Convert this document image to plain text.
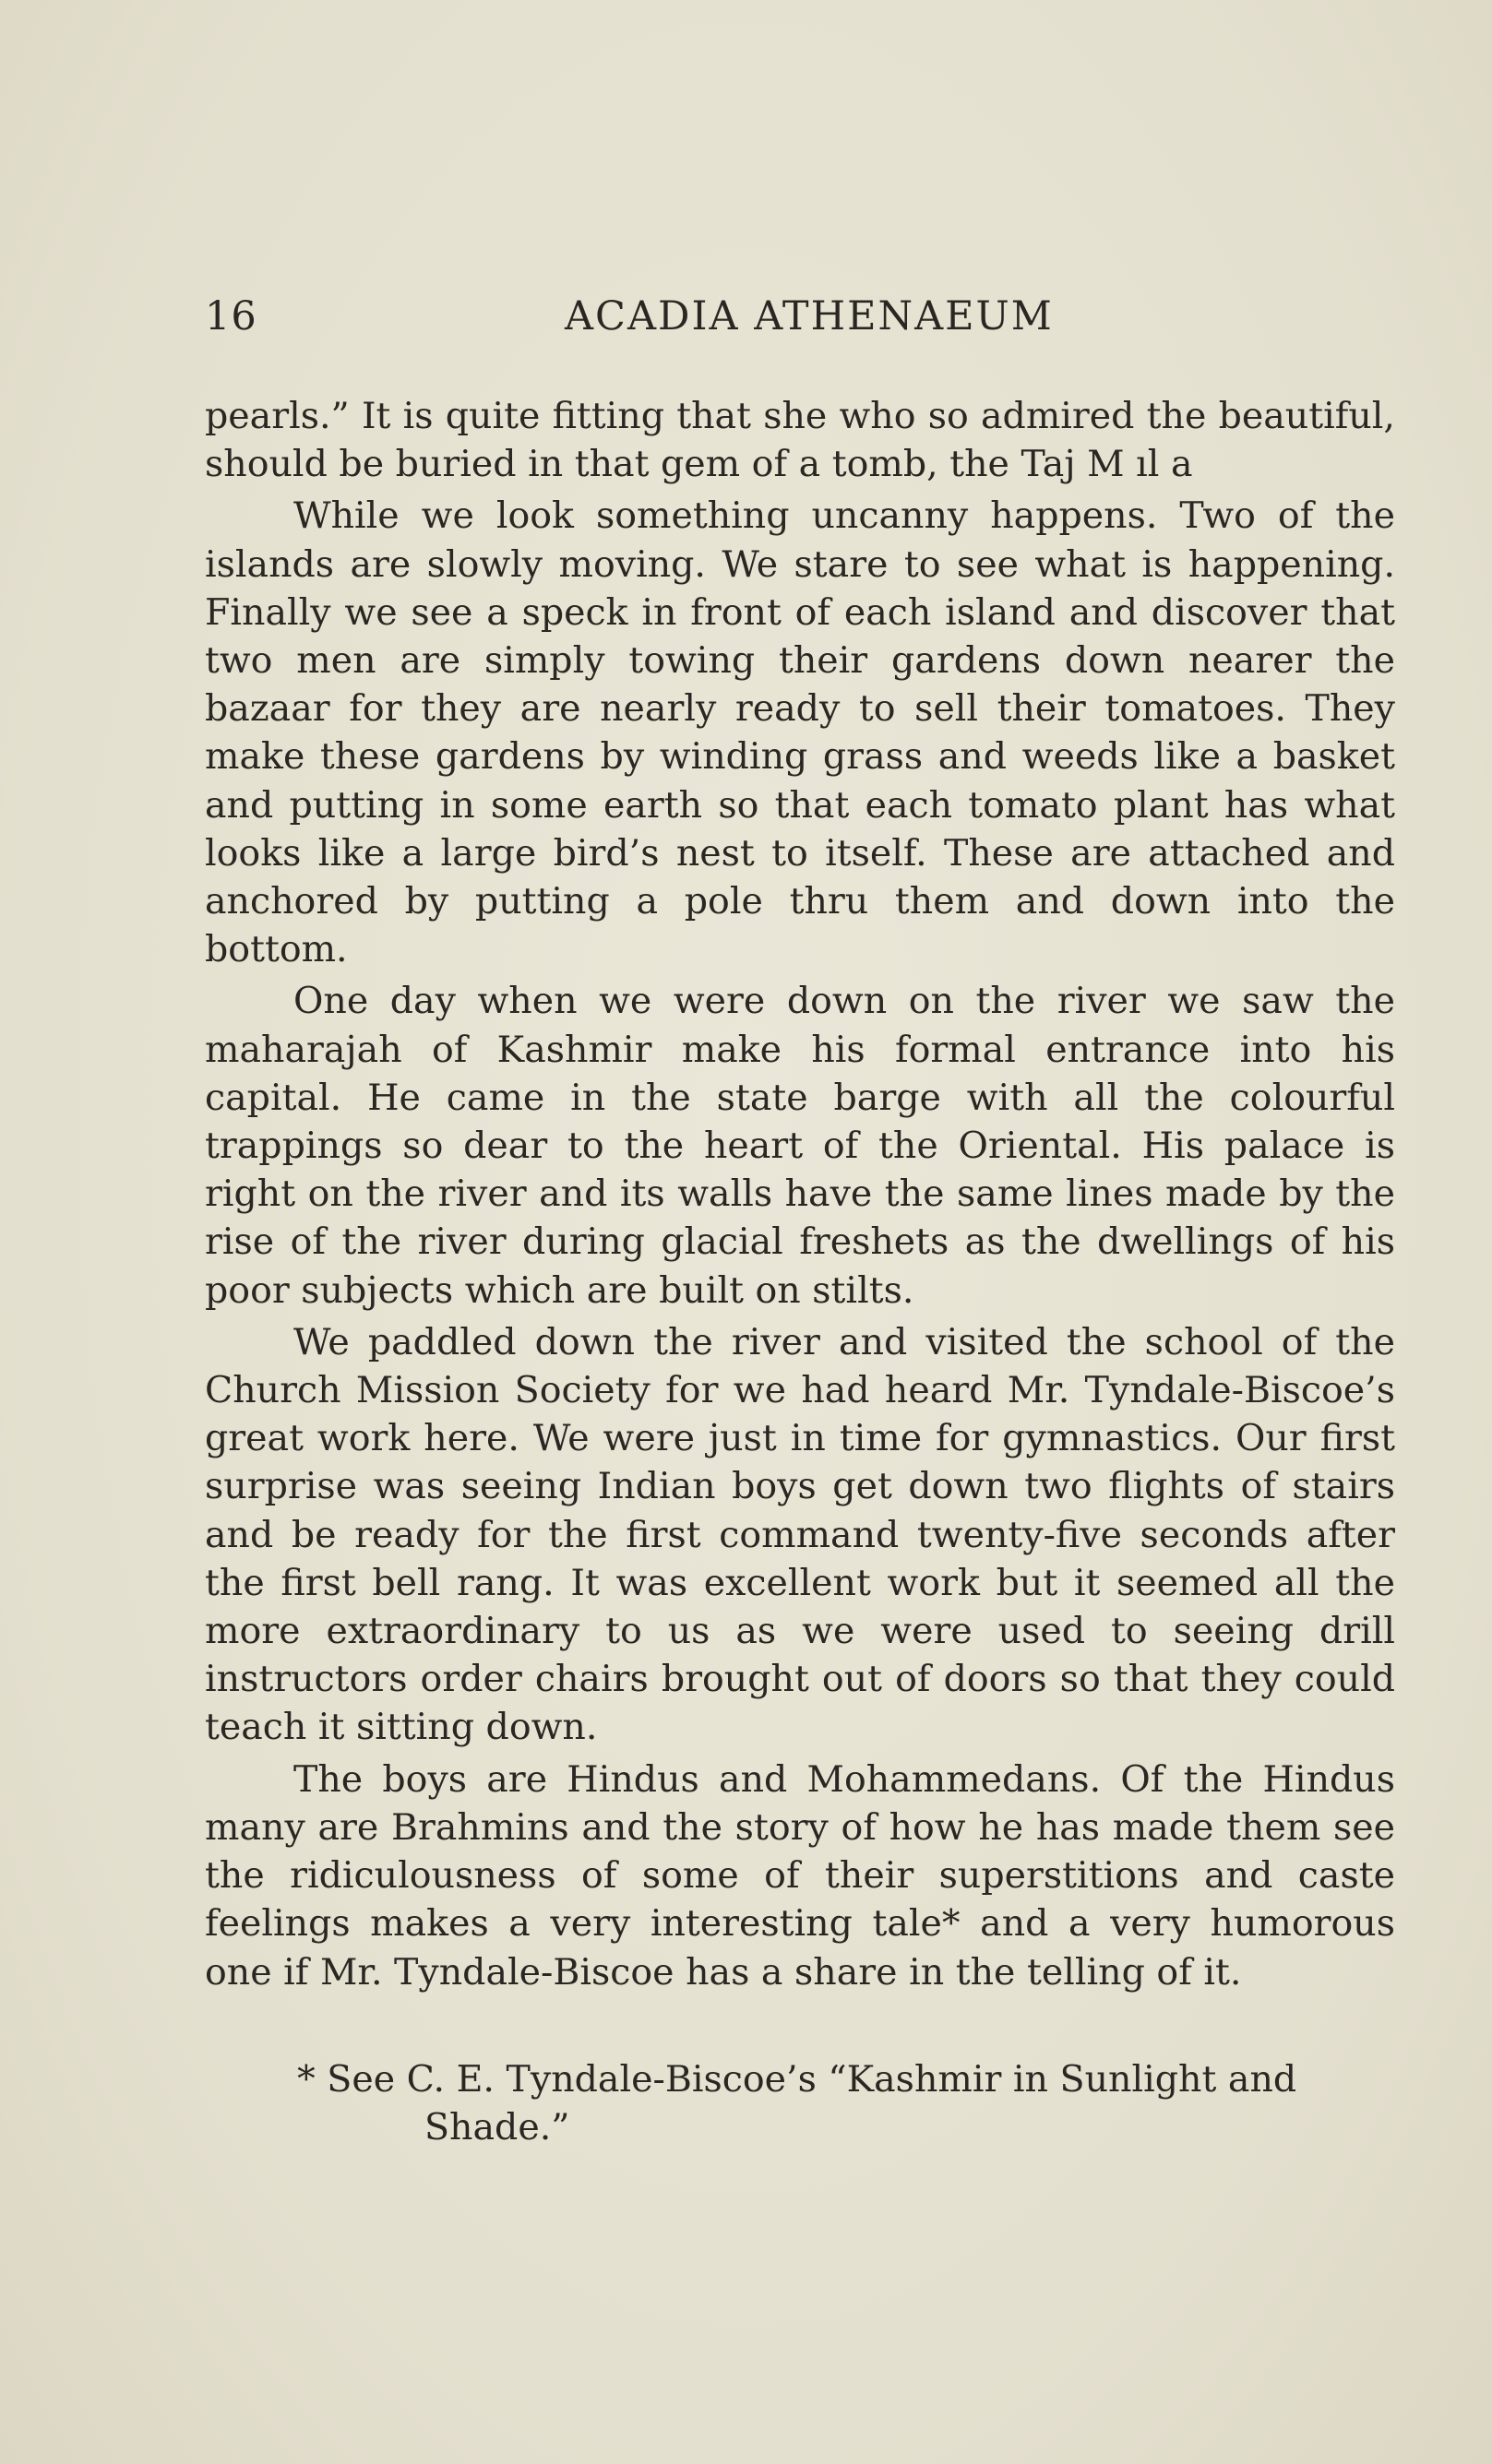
16	ACADIA ATHENAEUM

pearls.” It is quite fitting that she who so admired the beautiful, should be buried in that gem of a tomb, the Taj M ıl a

While we look something uncanny happens. Two of the islands are slowly moving. We stare to see what is happening. Finally we see a speck in front of each island and discover that two men are simply towing their gardens down nearer the bazaar for they are nearly ready to sell their tomatoes. They make these gardens by winding grass and weeds like a basket and putting in some earth so that each tomato plant has what looks like a large bird’s nest to itself. These are attached and anchored by putting a pole thru them and down into the bottom.

One day when we were down on the river we saw the maharajah of Kashmir make his formal entrance into his capital. He came in the state barge with all the colourful trappings so dear to the heart of the Oriental. His palace is right on the river and its walls have the same lines made by the rise of the river during glacial freshets as the dwellings of his poor subjects which are built on stilts.

We paddled down the river and visited the school of the Church Mission Society for we had heard Mr. Tyndale-Biscoe’s great work here. We were just in time for gymnastics. Our first surprise was seeing Indian boys get down two flights of stairs and be ready for the first command twenty-five seconds after the first bell rang. It was excellent work but it seemed all the more extraordinary to us as we were used to seeing drill instructors order chairs brought out of doors so that they could teach it sitting down.

The boys are Hindus and Mohammedans. Of the Hindus many are Brahmins and the story of how he has made them see the ridiculousness of some of their superstitions and caste feelings makes a very interesting tale* and a very humorous one if Mr. Tyndale-Biscoe has a share in the telling of it.

* See C. E. Tyndale-Biscoe’s “Kashmir in Sunlight and
Shade.”
